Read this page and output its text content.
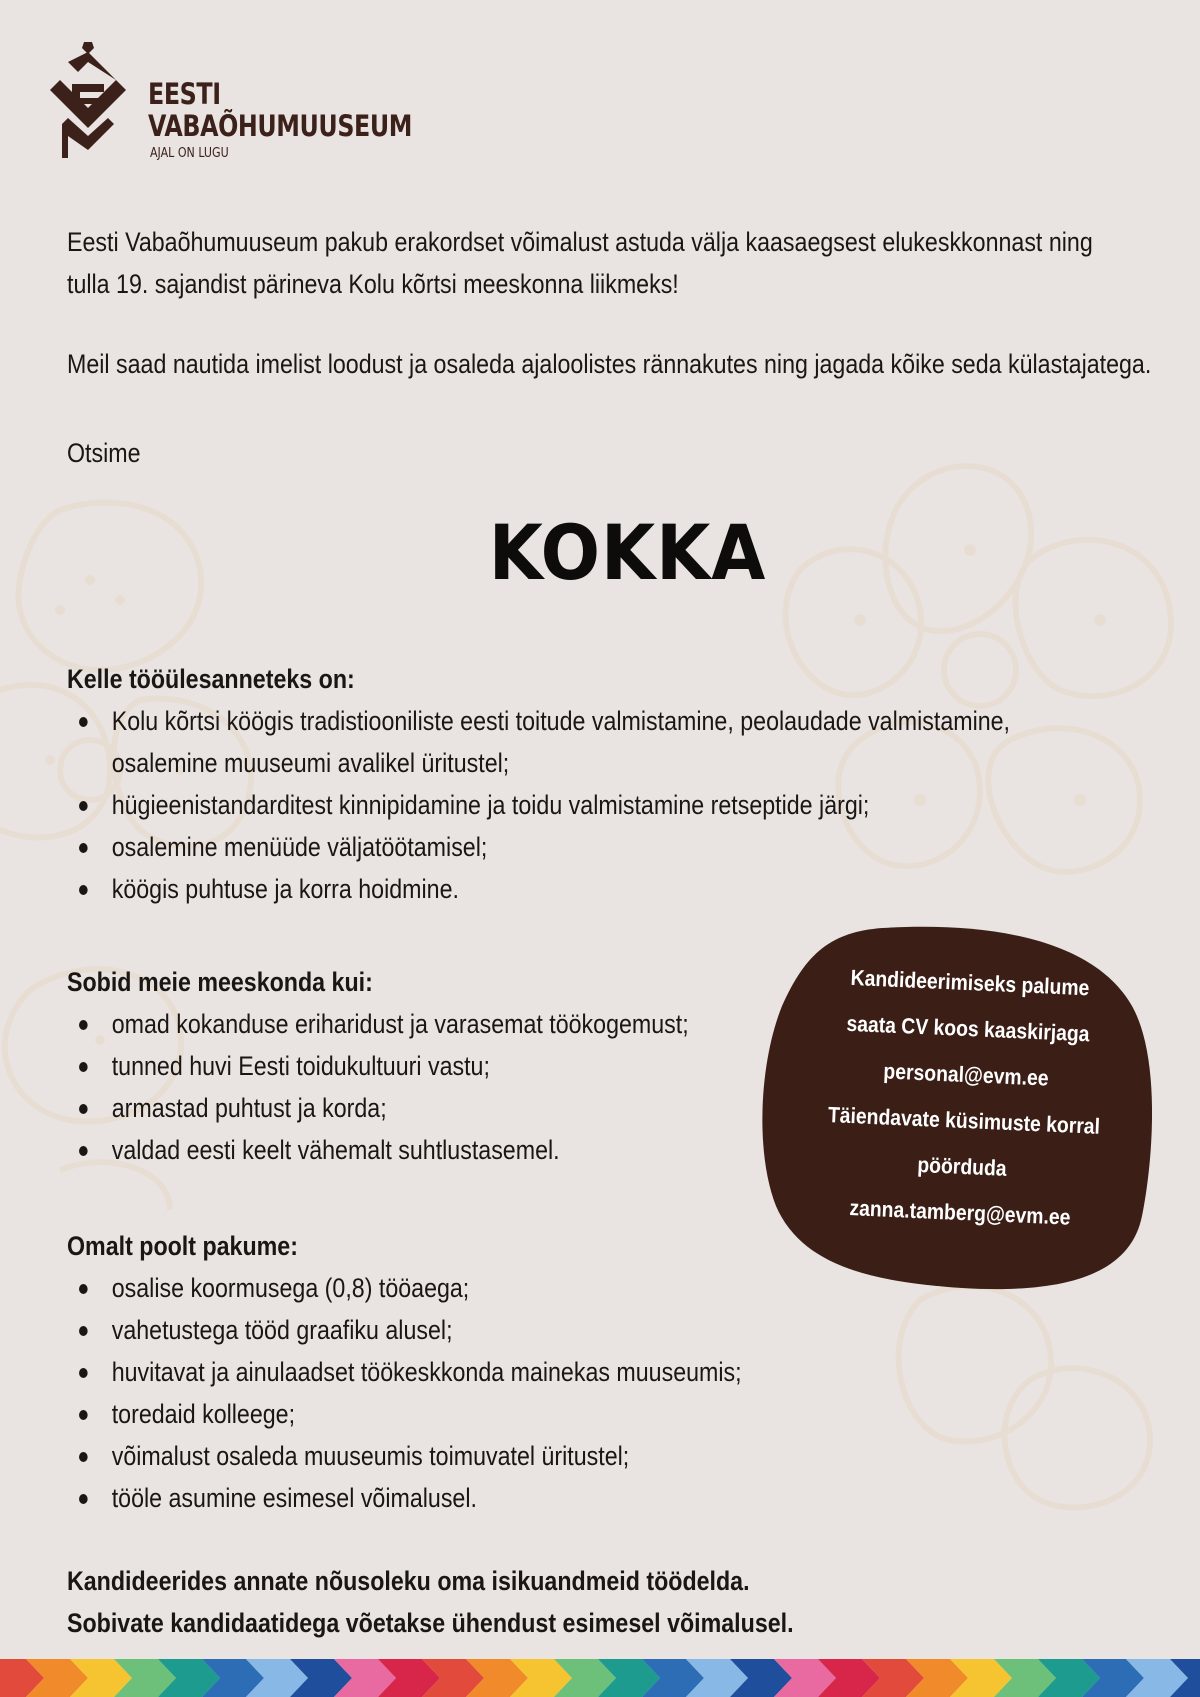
EESTI
VABAÕHUMUUSEUM
AJAL ON LUGU
Eesti Vabaõhumuuseum pakub erakordset võimalust astuda välja kaasaegsest elukeskkonnast ning
tulla 19. sajandist pärineva Kolu kõrtsi meeskonna liikmeks!
Meil saad nautida imelist loodust ja osaleda ajaloolistes rännakutes ning jagada kõike seda külastajatega.
Otsime
KOKKA
Kelle tööülesanneteks on:
Kolu kõrtsi köögis tradistiooniliste eesti toitude valmistamine, peolaudade valmistamine,
osalemine muuseumi avalikel üritustel;
hügieenistandarditest kinnipidamine ja toidu valmistamine retseptide järgi;
osalemine menüüde väljatöötamisel;
köögis puhtuse ja korra hoidmine.
Sobid meie meeskonda kui:
omad kokanduse eriharidust ja varasemat töökogemust;
tunned huvi Eesti toidukultuuri vastu;
armastad puhtust ja korda;
valdad eesti keelt vähemalt suhtlustasemel.
Omalt poolt pakume:
osalise koormusega (0,8) tööaega;
vahetustega tööd graafiku alusel;
huvitavat ja ainulaadset töökeskkonda mainekas muuseumis;
toredaid kolleege;
võimalust osaleda muuseumis toimuvatel üritustel;
tööle asumine esimesel võimalusel.
Kandideerimiseks palume
saata CV koos kaaskirjaga
personal@evm.ee
Täiendavate küsimuste korral
pöörduda
zanna.tamberg@evm.ee
Kandideerides annate nõusoleku oma isikuandmeid töödelda.
Sobivate kandidaatidega võetakse ühendust esimesel võimalusel.
